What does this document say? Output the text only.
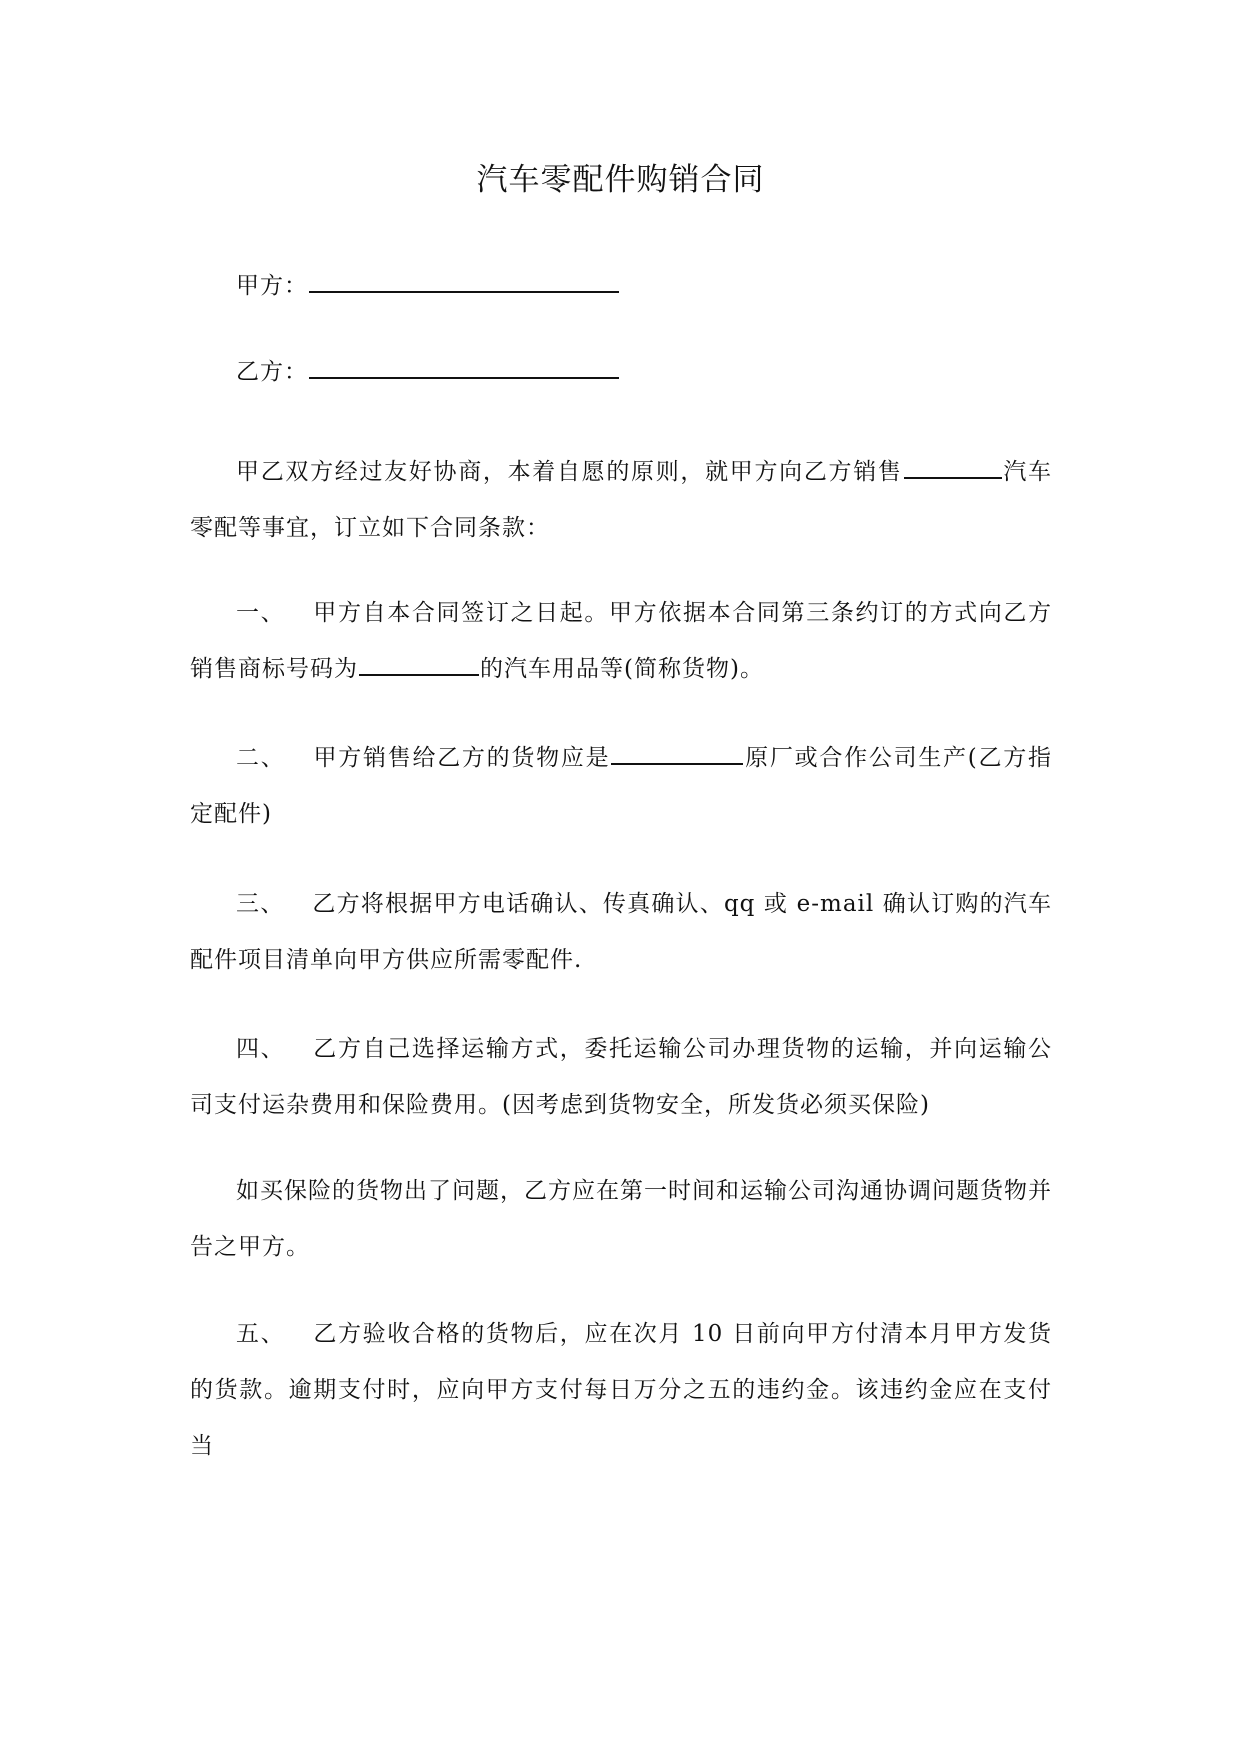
汽车零配件购销合同
甲方：
乙方：
甲乙双方经过友好协商，本着自愿的原则，就甲方向乙方销售	汽车零配等事宜，订立如下合同条款：
一、 甲方自本合同签订之日起。甲方依据本合同第三条约订的方式向乙方销售商标号码为	的汽车用品等(简称货物)。
二、 甲方销售给乙方的货物应是	原厂或合作公司生产(乙方指定配件)
三、 乙方将根据甲方电话确认、传真确认、qq 或 e-mail 确认订购的汽车配件项目清单向甲方供应所需零配件.
四、 乙方自己选择运输方式，委托运输公司办理货物的运输，并向运输公司支付运杂费用和保险费用。(因考虑到货物安全，所发货必须买保险)
如买保险的货物出了问题，乙方应在第一时间和运输公司沟通协调问题货物并告之甲方。
五、 乙方验收合格的货物后，应在次月 10 日前向甲方付清本月甲方发货的货款。逾期支付时，应向甲方支付每日万分之五的违约金。该违约金应在支付当
